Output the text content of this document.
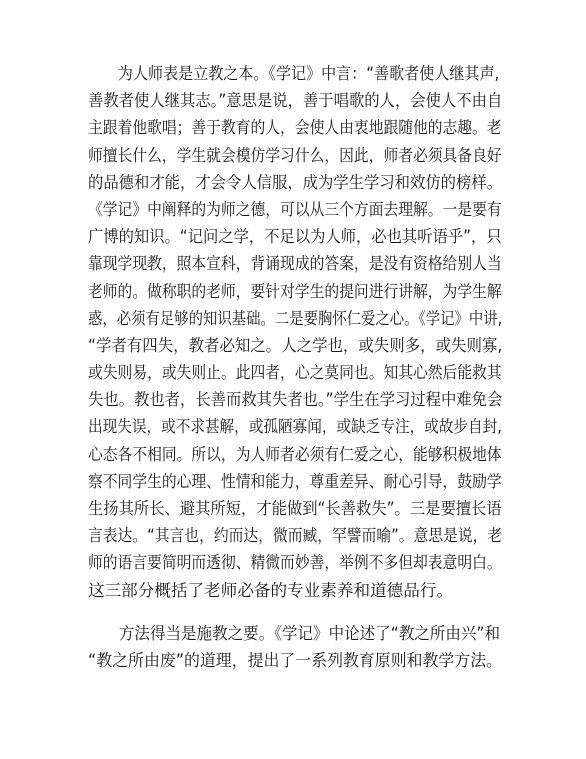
为人师表是立教之本。《学记》中言：“善歌者使人继其声,
善教者使人继其志。”意思是说，善于唱歌的人，会使人不由自
主跟着他歌唱；善于教育的人，会使人由衷地跟随他的志趣。老
师擅长什么，学生就会模仿学习什么，因此，师者必须具备良好
的品德和才能，才会令人信服，成为学生学习和效仿的榜样。
《学记》中阐释的为师之德，可以从三个方面去理解。一是要有
广博的知识。“记问之学，不足以为人师，必也其听语乎”，只
靠现学现教，照本宣科，背诵现成的答案，是没有资格给别人当
老师的。做称职的老师，要针对学生的提问进行讲解，为学生解
惑，必须有足够的知识基础。二是要胸怀仁爱之心。《学记》中讲,
“学者有四失，教者必知之。人之学也，或失则多，或失则寡,
或失则易，或失则止。此四者，心之莫同也。知其心然后能救其
失也。教也者，长善而救其失者也。”学生在学习过程中难免会
出现失误，或不求甚解，或孤陋寡闻，或缺乏专注，或故步自封,
心态各不相同。所以，为人师者必须有仁爱之心，能够积极地体
察不同学生的心理、性情和能力，尊重差异、耐心引导，鼓励学
生扬其所长、避其所短，才能做到“长善救失”。三是要擅长语
言表达。“其言也，约而达，微而臧，罕譬而喻”。意思是说，老
师的语言要简明而透彻、精微而妙善，举例不多但却表意明白。
这三部分概括了老师必备的专业素养和道德品行。
方法得当是施教之要。《学记》中论述了“教之所由兴”和
“教之所由废”的道理，提出了一系列教育原则和教学方法。
